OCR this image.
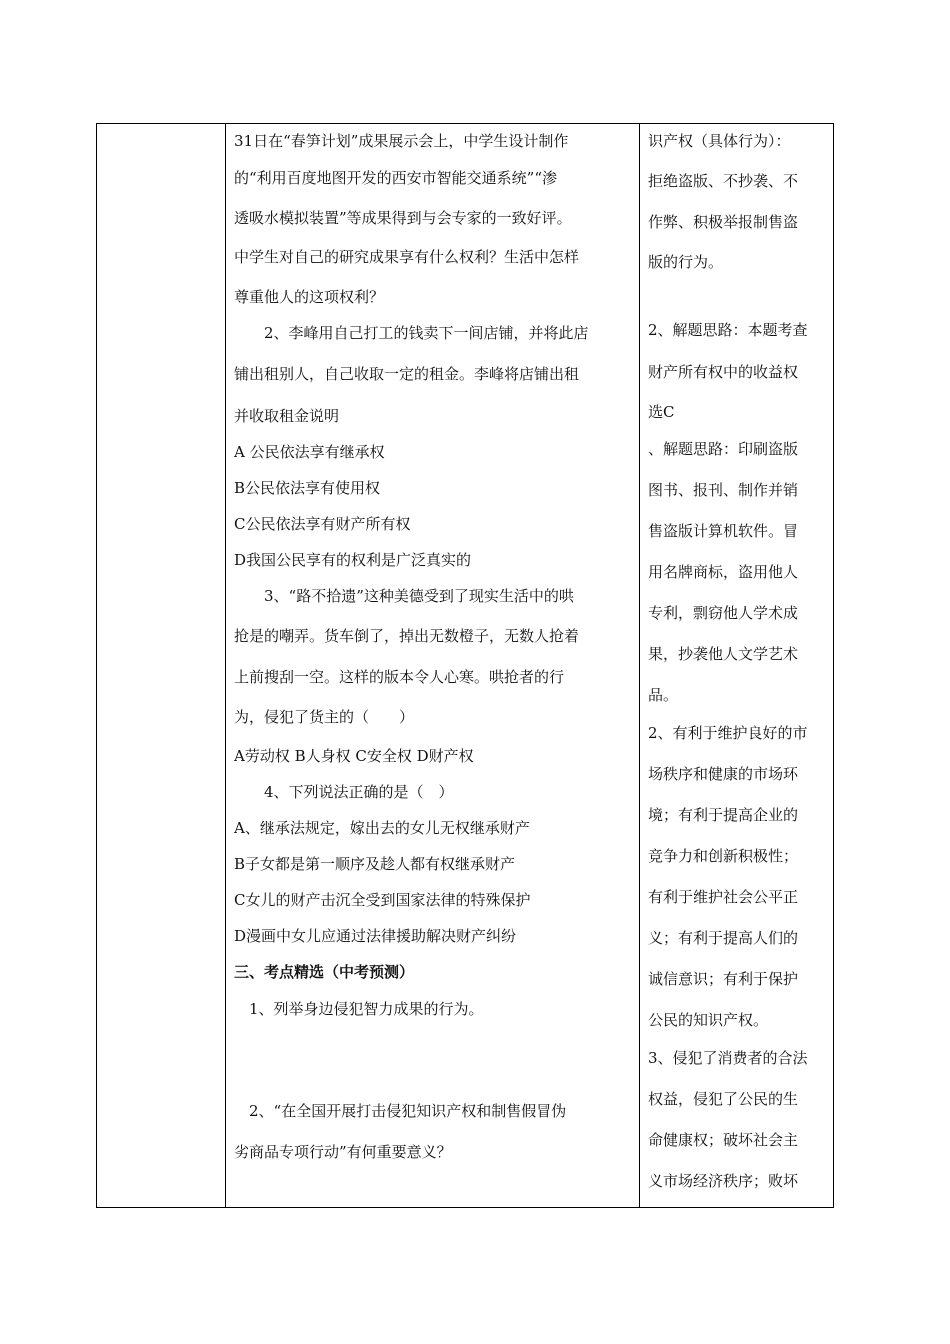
31日在“春笋计划”成果展示会上，中学生设计制作
的“利用百度地图开发的西安市智能交通系统”“渗
透吸水模拟装置”等成果得到与会专家的一致好评。
中学生对自己的研究成果享有什么权利？生活中怎样
尊重他人的这项权利？
　　2、李峰用自己打工的钱卖下一间店铺，并将此店
铺出租别人，自己收取一定的租金。李峰将店铺出租
并收取租金说明
A 公民依法享有继承权
B公民依法享有使用权
C公民依法享有财产所有权
D我国公民享有的权利是广泛真实的
　　3、“路不拾遗”这种美德受到了现实生活中的哄
抢是的嘲弄。货车倒了，掉出无数橙子，无数人抢着
上前搜刮一空。这样的版本令人心寒。哄抢者的行
为，侵犯了货主的（　　）
A劳动权 B人身权 C安全权 D财产权
　　4、下列说法正确的是（　）
A、继承法规定，嫁出去的女儿无权继承财产
B子女都是第一顺序及趁人都有权继承财产
C女儿的财产击沉全受到国家法律的特殊保护
D漫画中女儿应通过法律援助解决财产纠纷
三、考点精选（中考预测）
　1、列举身边侵犯智力成果的行为。
　2、“在全国开展打击侵犯知识产权和制售假冒伪
劣商品专项行动”有何重要意义？
识产权（具体行为）：
拒绝盗版、不抄袭、不
作弊、积极举报制售盗
版的行为。
2、解题思路：本题考查
财产所有权中的收益权
选C
、解题思路：印刷盗版
图书、报刊、制作并销
售盗版计算机软件。冒
用名牌商标，盗用他人
专利，剽窃他人学术成
果，抄袭他人文学艺术
品。
2、有利于维护良好的市
场秩序和健康的市场环
境；有利于提高企业的
竞争力和创新积极性；
有利于维护社会公平正
义；有利于提高人们的
诚信意识；有利于保护
公民的知识产权。
3、侵犯了消费者的合法
权益，侵犯了公民的生
命健康权；破坏社会主
义市场经济秩序；败坏
